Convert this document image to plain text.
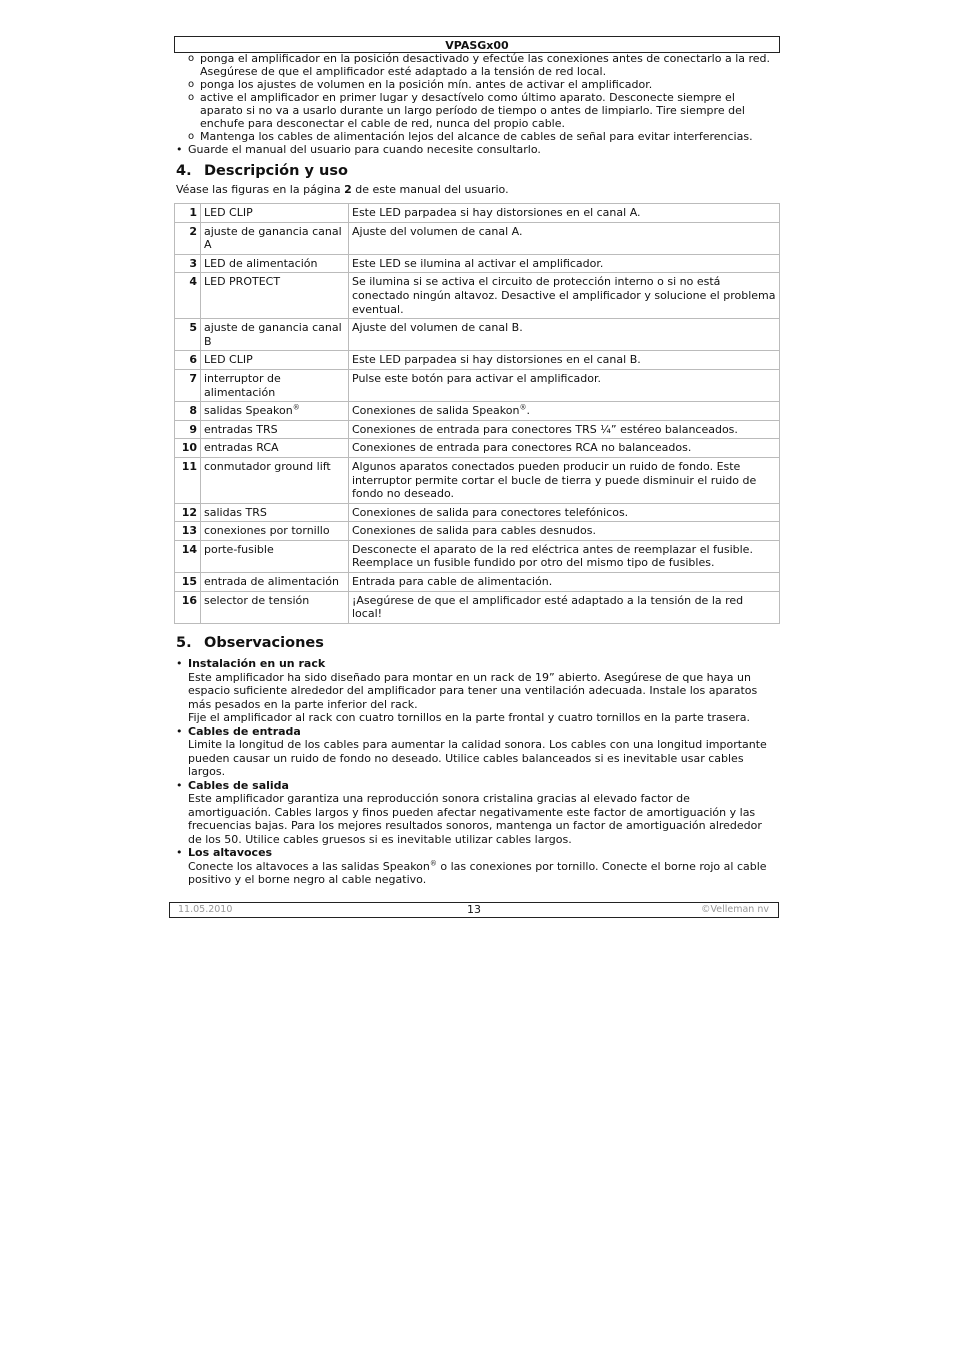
VPASGx00
o ponga el amplificador en la posición desactivado y efectúe las conexiones antes de conectarlo a la red. Asegúrese de que el amplificador esté adaptado a la tensión de red local.
o ponga los ajustes de volumen en la posición mín. antes de activar el amplificador.
o active el amplificador en primer lugar y desactívelo como último aparato. Desconecte siempre el aparato si no va a usarlo durante un largo período de tiempo o antes de limpiarlo. Tire siempre del enchufe para desconectar el cable de red, nunca del propio cable.
o Mantenga los cables de alimentación lejos del alcance de cables de señal para evitar interferencias.
• Guarde el manual del usuario para cuando necesite consultarlo.
4. Descripción y uso
Véase las figuras en la página 2 de este manual del usuario.
1	LED CLIP	Este LED parpadea si hay distorsiones en el canal A.
2	ajuste de ganancia canal A	Ajuste del volumen de canal A.
3	LED de alimentación	Este LED se ilumina al activar el amplificador.
4	LED PROTECT	Se ilumina si se activa el circuito de protección interno o si no está conectado ningún altavoz. Desactive el amplificador y solucione el problema eventual.
5	ajuste de ganancia canal B	Ajuste del volumen de canal B.
6	LED CLIP	Este LED parpadea si hay distorsiones en el canal B.
7	interruptor de alimentación	Pulse este botón para activar el amplificador.
8	salidas Speakon®	Conexiones de salida Speakon®.
9	entradas TRS	Conexiones de entrada para conectores TRS ¼” estéreo balanceados.
10	entradas RCA	Conexiones de entrada para conectores RCA no balanceados.
11	conmutador ground lift	Algunos aparatos conectados pueden producir un ruido de fondo. Este interruptor permite cortar el bucle de tierra y puede disminuir el ruido de fondo no deseado.
12	salidas TRS	Conexiones de salida para conectores telefónicos.
13	conexiones por tornillo	Conexiones de salida para cables desnudos.
14	porte-fusible	Desconecte el aparato de la red eléctrica antes de reemplazar el fusible. Reemplace un fusible fundido por otro del mismo tipo de fusibles.
15	entrada de alimentación	Entrada para cable de alimentación.
16	selector de tensión	¡Asegúrese de que el amplificador esté adaptado a la tensión de la red local!
5. Observaciones
• Instalación en un rack
Este amplificador ha sido diseñado para montar en un rack de 19” abierto. Asegúrese de que haya un espacio suficiente alrededor del amplificador para tener una ventilación adecuada. Instale los aparatos más pesados en la parte inferior del rack.
Fije el amplificador al rack con cuatro tornillos en la parte frontal y cuatro tornillos en la parte trasera.
• Cables de entrada
Limite la longitud de los cables para aumentar la calidad sonora. Los cables con una longitud importante pueden causar un ruido de fondo no deseado. Utilice cables balanceados si es inevitable usar cables largos.
• Cables de salida
Este amplificador garantiza una reproducción sonora cristalina gracias al elevado factor de amortiguación. Cables largos y finos pueden afectar negativamente este factor de amortiguación y las frecuencias bajas. Para los mejores resultados sonoros, mantenga un factor de amortiguación alrededor de los 50. Utilice cables gruesos si es inevitable utilizar cables largos.
• Los altavoces
Conecte los altavoces a las salidas Speakon® o las conexiones por tornillo. Conecte el borne rojo al cable positivo y el borne negro al cable negativo.
11.05.2010	13	©Velleman nv
